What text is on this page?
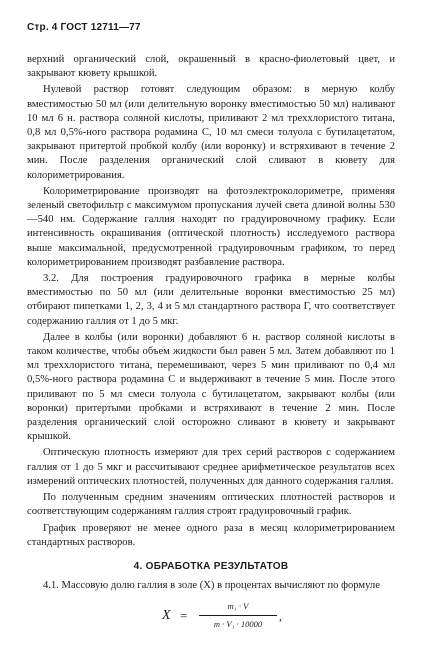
Стр. 4 ГОСТ 12711—77

верхний органический слой, окрашенный в красно-фиолетовый цвет, и закрывают кювету крышкой.

Нулевой раствор готовят следующим образом: в мерную колбу вместимостью 50 мл (или делительную воронку вместимостью 50 мл) наливают 10 мл 6 н. раствора соляной кислоты, приливают 2 мл треххлористого титана, 0,8 мл 0,5%-ного раствора родамина С, 10 мл смеси толуола с бутилацетатом, закрывают притертой пробкой колбу (или воронку) и встряхивают в течение 2 мин. После разделения органический слой сливают в кювету для колориметрирования.

Колориметрирование производят на фотоэлектроколориметре, применяя зеленый светофильтр с максимумом пропускания лучей света длиной волны 530—540 нм. Содержание галлия находят по градуировочному графику. Если интенсивность окрашивания (оптической плотность) исследуемого раствора выше максимальной, предусмотренной градуировочным графиком, то перед колориметрированием производят разбавление раствора.

3.2. Для построения градуировочного графика в мерные колбы вместимостью по 50 мл (или делительные воронки вместимостью 25 мл) отбирают пипетками 1, 2, 3, 4 и 5 мл стандартного раствора Г, что соответствует содержанию галлия от 1 до 5 мкг.

Далее в колбы (или воронки) добавляют 6 н. раствор соляной кислоты в таком количестве, чтобы объем жидкости был равен 5 мл. Затем добавляют по 1 мл треххлористого титана, перемешивают, через 5 мин приливают по 0,4 мл 0,5%-ного раствора родамина С и выдерживают в течение 5 мин. После этого приливают по 5 мл смеси толуола с бутилацетатом, закрывают колбы (или воронки) притертыми пробками и встряхивают в течение 2 мин. После разделения органический слой осторожно сливают в кювету и закрывают крышкой.

Оптическую плотность измеряют для трех серий растворов с содержанием галлия от 1 до 5 мкг и рассчитывают среднее арифметическое результатов всех измерений оптических плотностей, полученных для данного содержания галлия.

По полученным средним значениям оптических плотностей растворов и соответствующим содержаниям галлия строят градуировочный график.

График проверяют не менее одного раза в месяц колориметрированием стандартных растворов.

4. ОБРАБОТКА РЕЗУЛЬТАТОВ

4.1. Массовую долю галлия в золе (X) в процентах вычисляют по формуле

X =
m₁ · V
m · V₁ · 10000
,
